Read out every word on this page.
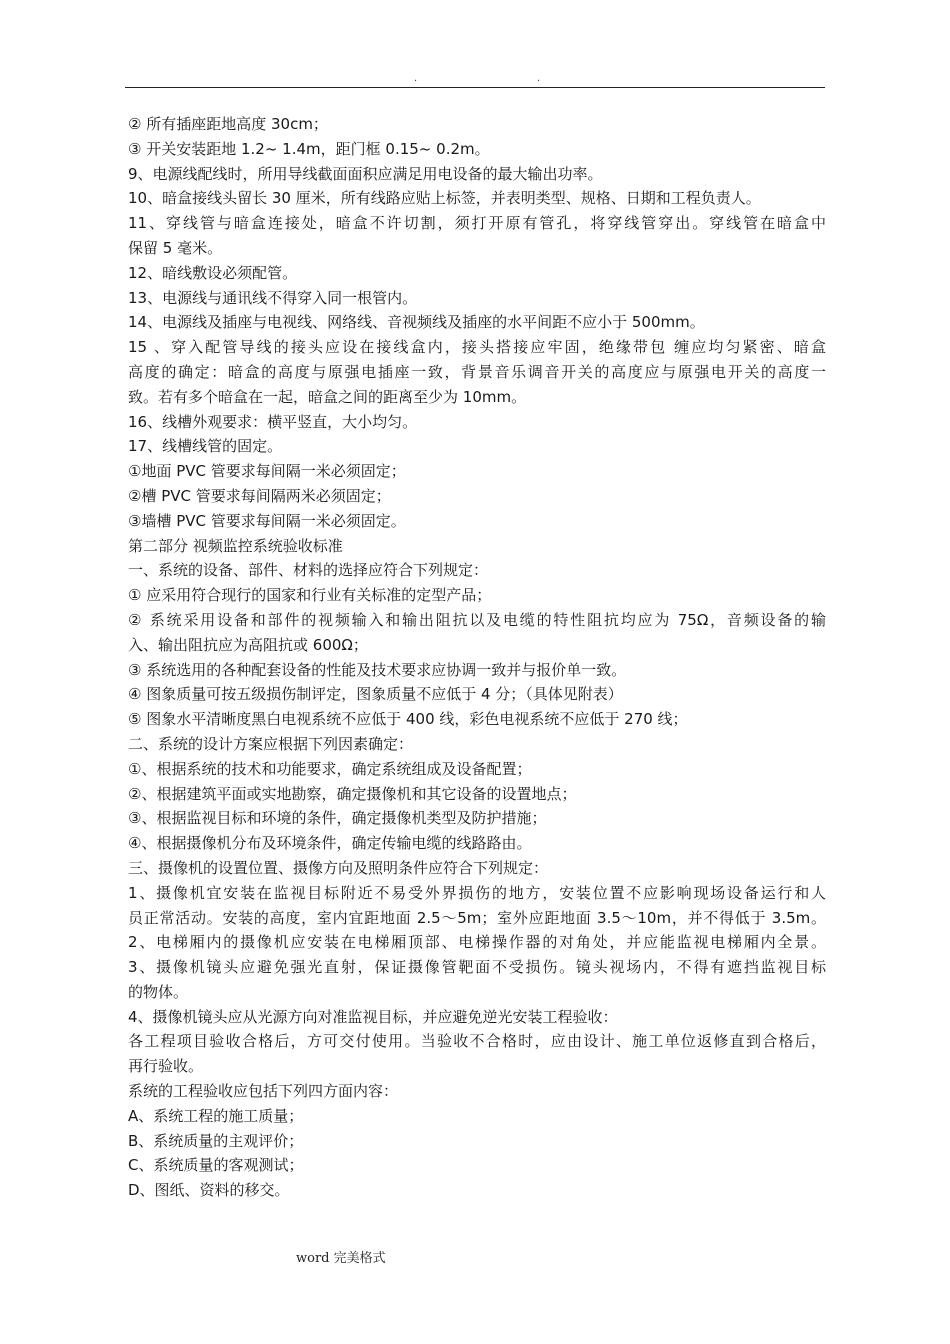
.	.
② 所有插座距地高度 30cm；
③ 开关安装距地 1.2~ 1.4m，距门框 0.15~ 0.2m。
9、电源线配线时，所用导线截面面积应满足用电设备的最大输出功率。
10、暗盒接线头留长 30 厘米，所有线路应贴上标签，并表明类型、规格、日期和工程负责人。
11、穿线管与暗盒连接处，暗盒不许切割，须打开原有管孔，将穿线管穿出。穿线管在暗盒中
保留 5 毫米。
12、暗线敷设必须配管。
13、电源线与通讯线不得穿入同一根管内。
14、电源线及插座与电视线、网络线、音视频线及插座的水平间距不应小于 500mm。
15 、穿入配管导线的接头应设在接线盒内，接头搭接应牢固，绝缘带包 缠应均匀紧密、暗盒
高度的确定：暗盒的高度与原强电插座一致，背景音乐调音开关的高度应与原强电开关的高度一
致。若有多个暗盒在一起，暗盒之间的距离至少为 10mm。
16、线槽外观要求：横平竖直，大小均匀。
17、线槽线管的固定。
①地面 PVC 管要求每间隔一米必须固定；
②槽 PVC 管要求每间隔两米必须固定；
③墙槽 PVC 管要求每间隔一米必须固定。
第二部分 视频监控系统验收标准
一、系统的设备、部件、材料的选择应符合下列规定：
① 应采用符合现行的国家和行业有关标准的定型产品；
② 系统采用设备和部件的视频输入和输出阻抗以及电缆的特性阻抗均应为 75Ω，音频设备的输
入、输出阻抗应为高阻抗或 600Ω；
③ 系统选用的各种配套设备的性能及技术要求应协调一致并与报价单一致。
④ 图象质量可按五级损伤制评定，图象质量不应低于 4 分；（具体见附表）
⑤ 图象水平清晰度黑白电视系统不应低于 400 线，彩色电视系统不应低于 270 线；
二、系统的设计方案应根据下列因素确定：
①、根据系统的技术和功能要求，确定系统组成及设备配置；
②、根据建筑平面或实地勘察，确定摄像机和其它设备的设置地点；
③、根据监视目标和环境的条件，确定摄像机类型及防护措施；
④、根据摄像机分布及环境条件，确定传输电缆的线路路由。
三、摄像机的设置位置、摄像方向及照明条件应符合下列规定：
1、摄像机宜安装在监视目标附近不易受外界损伤的地方，安装位置不应影响现场设备运行和人
员正常活动。安装的高度，室内宜距地面 2.5～5m；室外应距地面 3.5～10m，并不得低于 3.5m。
2、电梯厢内的摄像机应安装在电梯厢顶部、电梯操作器的对角处，并应能监视电梯厢内全景。
3、摄像机镜头应避免强光直射，保证摄像管靶面不受损伤。镜头视场内，不得有遮挡监视目标
的物体。
4、摄像机镜头应从光源方向对准监视目标，并应避免逆光安装工程验收：
各工程项目验收合格后，方可交付使用。当验收不合格时，应由设计、施工单位返修直到合格后，
再行验收。
系统的工程验收应包括下列四方面内容：
A、系统工程的施工质量；
B、系统质量的主观评价；
C、系统质量的客观测试；
D、图纸、资料的移交。
word 完美格式
